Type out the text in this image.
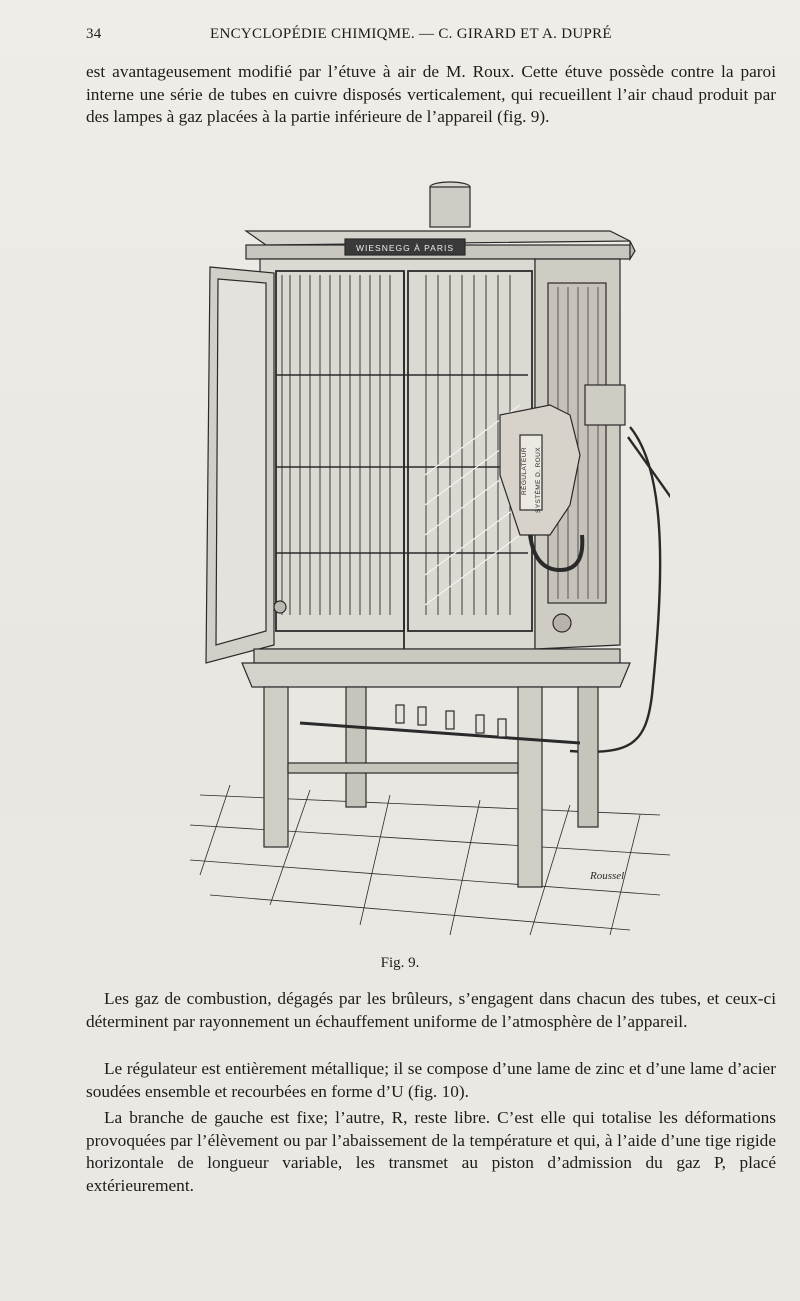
34	ENCYCLOPÉDIE CHIMIQME. — C. GIRARD ET A. DUPRÉ

est avantageusement modifié par l’étuve à air de M. Roux. Cette étuve possède contre la paroi interne une série de tubes en cuivre disposés verticalement, qui recueillent l’air chaud produit par des lampes à gaz placées à la partie inférieure de l’appareil (fig. 9).

WIESNEGG À PARIS
RÉGULATEUR	SYSTÈME D. ROUX
Roussel
Fig. 9.

Les gaz de combustion, dégagés par les brûleurs, s’engagent dans chacun des tubes, et ceux-ci déterminent par rayonnement un échauffement uniforme de l’atmosphère de l’appareil.

Le régulateur est entièrement métallique; il se compose d’une lame de zinc et d’une lame d’acier soudées ensemble et recourbées en forme d’U (fig. 10).

La branche de gauche est fixe; l’autre, R, reste libre. C’est elle qui totalise les déformations provoquées par l’élèvement ou par l’abaissement de la température et qui, à l’aide d’une tige rigide horizontale de longueur variable, les transmet au piston d’admission du gaz P, placé extérieurement.
